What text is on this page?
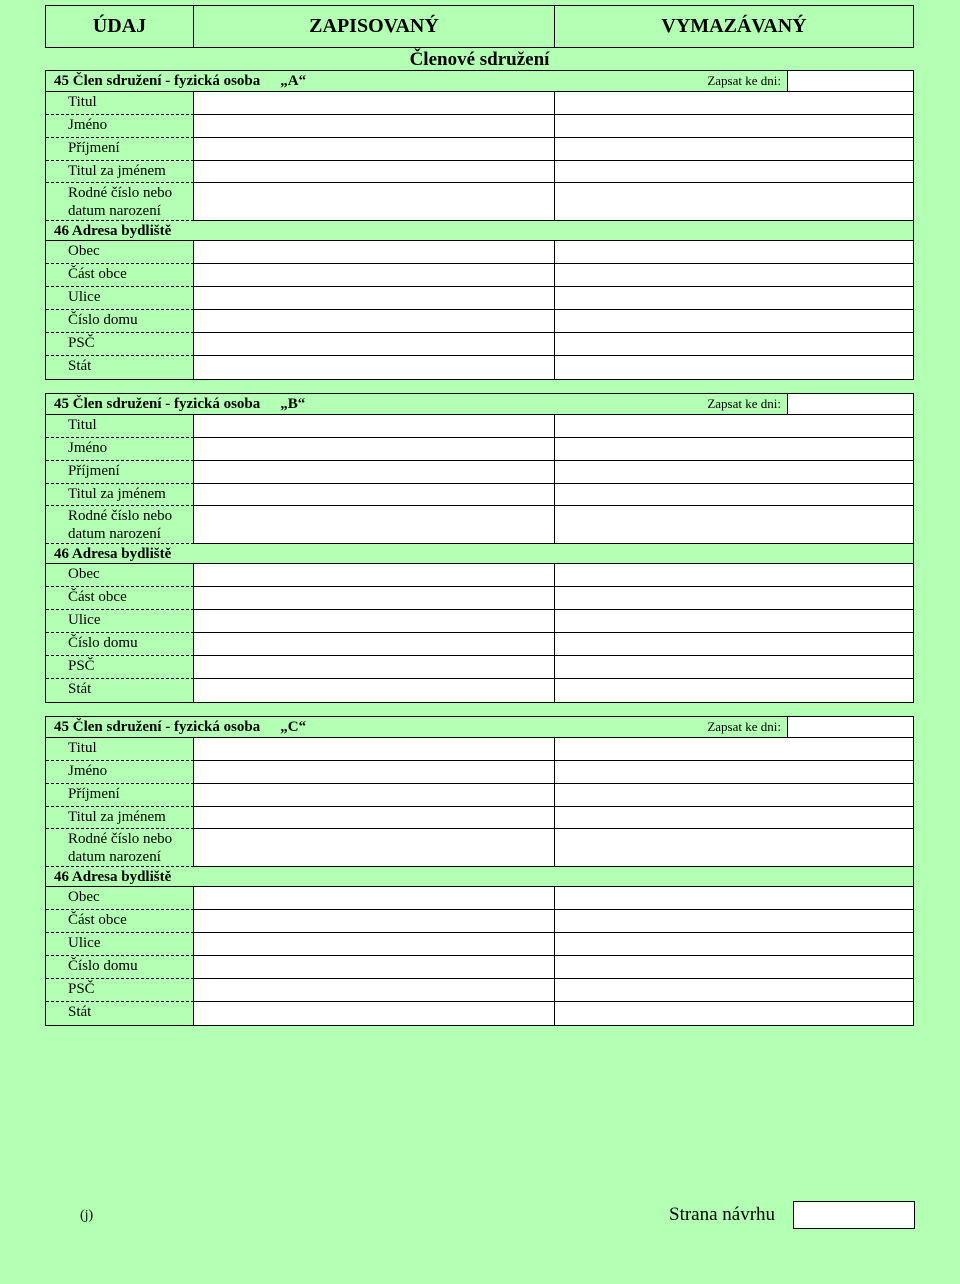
ÚDAJ	ZAPISOVANÝ	VYMAZÁVANÝ
Členové sdružení
45 Člen sdružení - fyzická osoba „A“	Zapsat ke dni:
Titul
Jméno
Příjmení
Titul za jménem
Rodné číslo nebo
datum narození
46 Adresa bydliště
Obec
Část obce
Ulice
Číslo domu
PSČ
Stát
45 Člen sdružení - fyzická osoba „B“	Zapsat ke dni:
Titul
Jméno
Příjmení
Titul za jménem
Rodné číslo nebo
datum narození
46 Adresa bydliště
Obec
Část obce
Ulice
Číslo domu
PSČ
Stát
45 Člen sdružení - fyzická osoba „C“	Zapsat ke dni:
Titul
Jméno
Příjmení
Titul za jménem
Rodné číslo nebo
datum narození
46 Adresa bydliště
Obec
Část obce
Ulice
Číslo domu
PSČ
Stát
(j)	Strana návrhu
